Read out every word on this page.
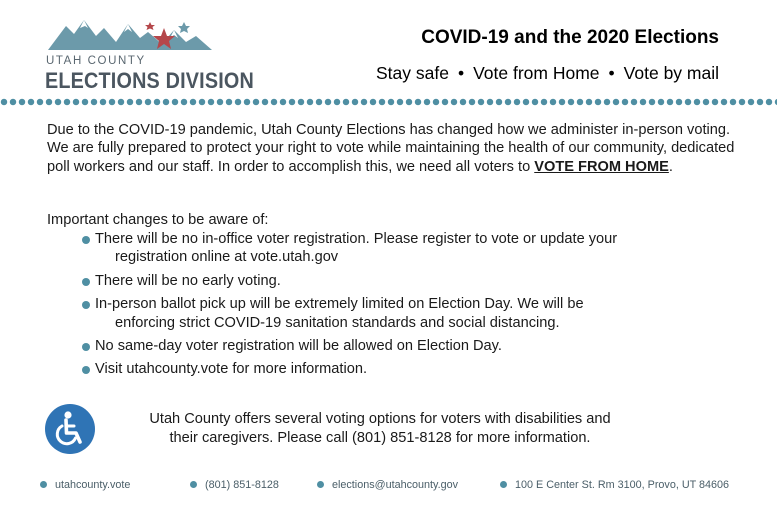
UTAH COUNTY
ELECTIONS DIVISION
COVID-19 and the 2020 Elections
Stay safe • Vote from Home • Vote by mail

Due to the COVID-19 pandemic, Utah County Elections has changed how we administer in-person voting. We are fully prepared to protect your right to vote while maintaining the health of our community, dedicated poll workers and our staff. In order to accomplish this, we need all voters to VOTE FROM HOME.

Important changes to be aware of:

There will be no in-office voter registration. Please register to vote or update your
registration online at vote.utah.gov
There will be no early voting.
In-person ballot pick up will be extremely limited on Election Day. We will be
enforcing strict COVID-19 sanitation standards and social distancing.
No same-day voter registration will be allowed on Election Day.
Visit utahcounty.vote for more information.

Utah County offers several voting options for voters with disabilities and
their caregivers. Please call (801) 851-8128 for more information.

utahcounty.vote	(801) 851-8128	elections@utahcounty.gov	100 E Center St. Rm 3100, Provo, UT 84606
